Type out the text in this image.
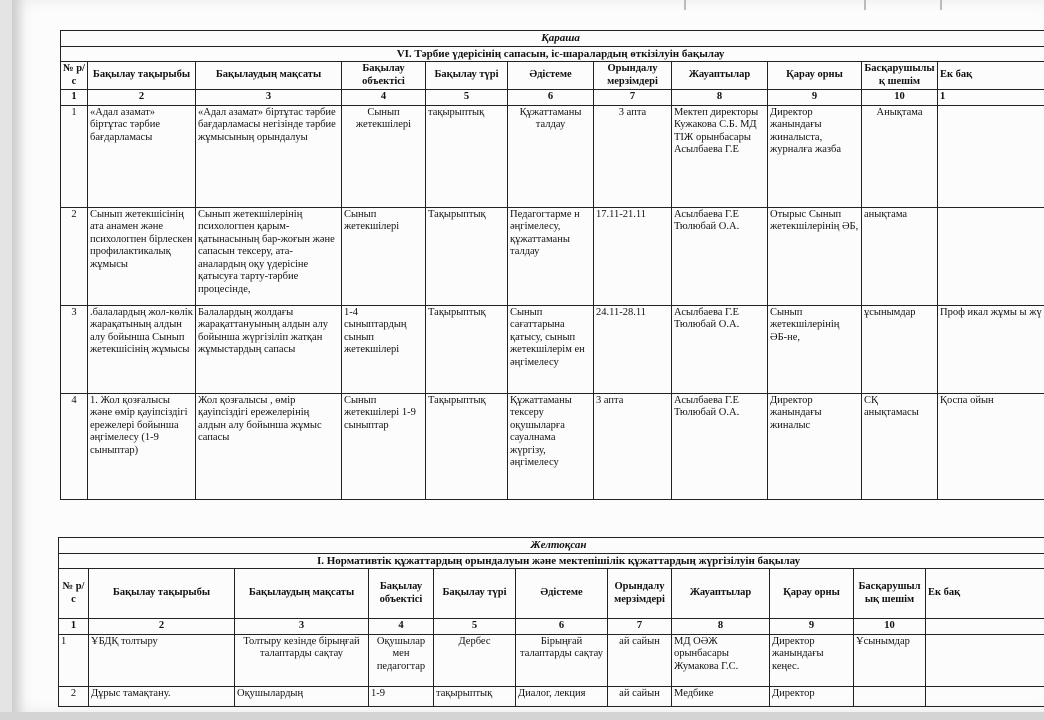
Қараша										
VI. Тәрбие үдерісінің сапасын, іс-шаралардың өткізілуін бақылау										
№ р/с	Бақылау тақырыбы	Бақылаудың мақсаты	Бақылау объектісі	Бақылау түрі	Әдістеме	Орындалу мерзімдері	Жауаптылар	Қарау орны	Басқарушылық шешім	Ек бақ
1	2	3	4	5	6	7	8	9	10	1
1	«Адал азамат» біртұтас тәрбие бағдарламасы	«Адал азамат» біртұтас тәрбие бағдарламасы негізінде тәрбие жұмысының орындалуы	Сынып жетекшілері	тақырыптық	Құжаттаманы талдау	3 апта	Мектеп директоры Кужакова С.Б. МД ТІЖ орынбасары Асылбаева Г.Е	Директор жанындағы жиналыста, журналға жазба	Анықтама	
2	Сынып жетекшісінің ата анамен және психологпен бірлескен профилактикалық жұмысы	Сынып жетекшілерінің психологпен қарым-қатынасының бар-жоғын және сапасын тексеру, ата-аналардың оқу үдерісіне қатысуға тарту-тәрбие процесінде,	Сынып жетекшілері	Тақырыптық	Педагогтарме н әңгімелесу, құжаттаманы талдау	17.11-21.11	Асылбаева Г.Е Тюлюбай О.А.	Отырыс Сынып жетекшілерінің ӘБ,	анықтама	
3	.балалардың жол-көлік жарақатының алдын алу бойынша Сынып жетекшісінің жұмысы	Балалардың жолдағы жарақаттануының алдын алу бойынша жүргізіліп жатқан жұмыстардың сапасы	1-4 сыныптардың сынып жетекшілері	Тақырыптық	Сынып сағаттарына қатысу, сынып жетекшілерім ен әңгімелесу	24.11-28.11	Асылбаева Г.Е Тюлюбай О.А.	Сынып жетекшілерінің ӘБ-не,	ұсынымдар	Проф икал жұмы ы жү
4	1. Жол қозғалысы және өмір қауіпсіздігі ережелері бойынша әңгімелесу (1-9 сыныптар)	Жол қозғалысы , өмір қауіпсіздігі ережелерінің алдын алу бойынша жұмыс сапасы	Сынып жетекшілері 1-9 сыныптар	Тақырыптық	Құжаттаманы тексеру оқушыларға сауалнама жүргізу, әңгімелесу	3 апта	Асылбаева Г.Е Тюлюбай О.А.	Директор жанындағы жиналыс	СҚ анықтамасы	Қоспа ойын
Желтоқсан										
І. Нормативтік құжаттардың орындалуын және мектепішілік құжаттардың жүргізілуін бақылау										
№ р/с	Бақылау тақырыбы	Бақылаудың мақсаты	Бақылау объектісі	Бақылау түрі	Әдістеме	Орындалу мерзімдері	Жауаптылар	Қарау орны	Басқарушылық шешім	Ек бақ
1	2	3	4	5	6	7	8	9	10	
1	ҰБДҚ толтыру	Толтыру кезінде бірыңғай талаптарды сақтау	Оқушылар мен педагогтар	Дербес	Бірыңғай талаптарды сақтау	ай сайын	МД ОӘЖ орынбасары Жумакова Г.С.	Директор жанындағы кеңес.	Ұсынымдар	
2	Дұрыс тамақтану.	Оқушылардың	1-9	тақырыптық	Диалог, лекция	ай сайын	Медбике	Директор		
